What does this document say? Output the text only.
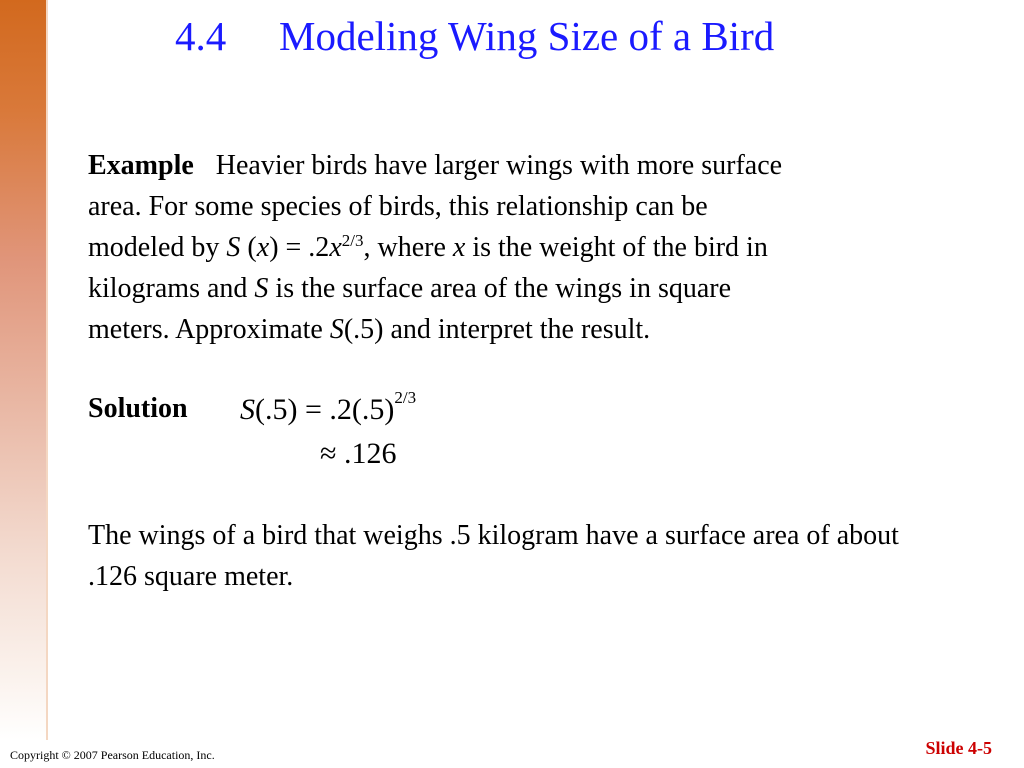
4.4 Modeling Wing Size of a Bird

Example Heavier birds have larger wings with more surface
area. For some species of birds, this relationship can be
modeled by S $(x) = .2x^{2/3}$, where x is the weight of the bird in
kilograms and S is the surface area of the wings in square
meters. Approximate S(.5) and interpret the result.

Solution $S(.5) = .2(.5)^{2/3}$
≈ .126
The wings of a bird that weighs .5 kilogram have a surface area of about .126 square meter.
Copyright © 2007 Pearson Education, Inc.	Slide 4-5
